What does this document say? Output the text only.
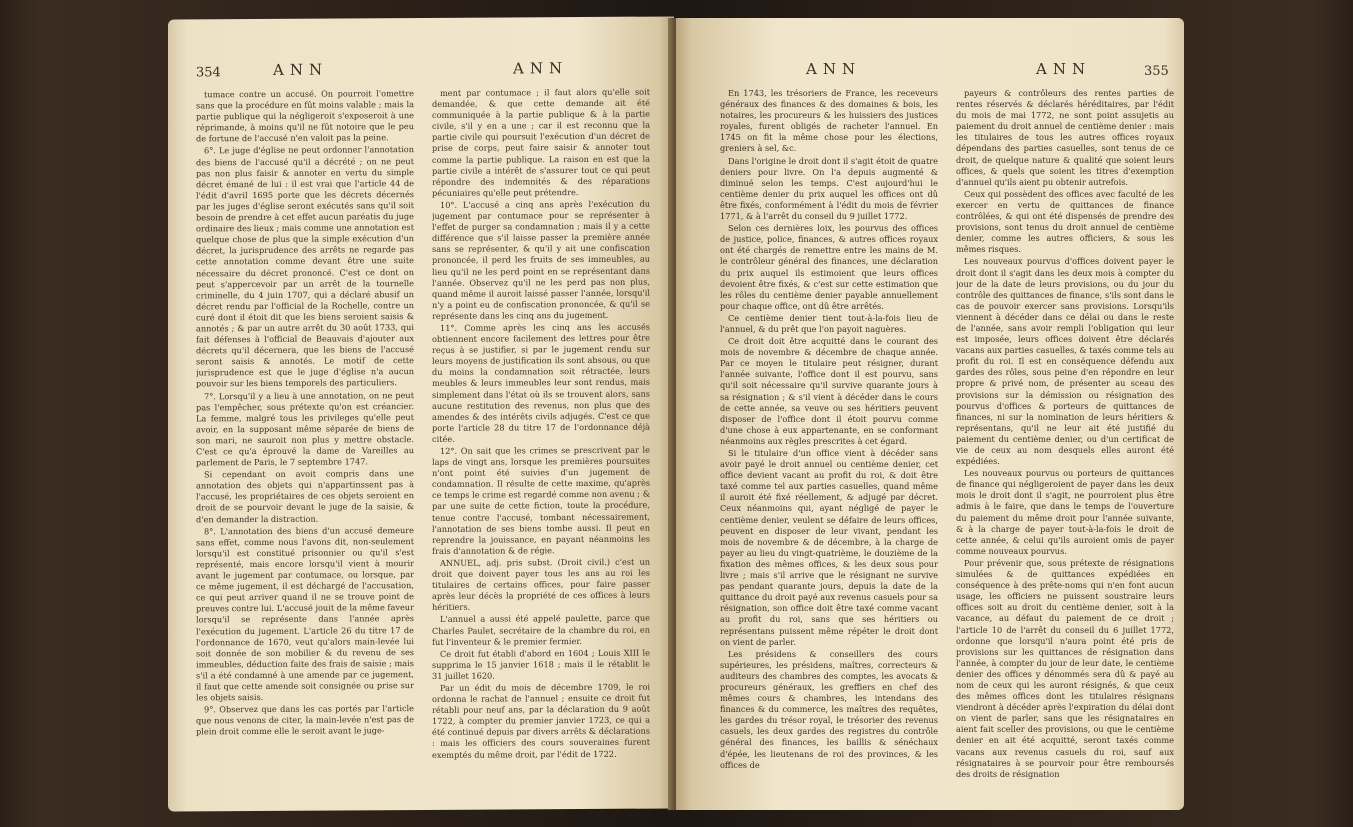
354	ANN	ANN

tumace contre un accusé. On pourroit l'omettre sans que la procédure en fût moins valable ; mais la partie publique qui la négligeroit s'exposeroit à une réprimande, à moins qu'il ne fût notoire que le peu de fortune de l'accusé n'en valoit pas la peine.

6°. Le juge d'église ne peut ordonner l'annotation des biens de l'accusé qu'il a décrété ; on ne peut pas non plus faisir & annoter en vertu du simple décret émané de lui : il est vrai que l'article 44 de l'édit d'avril 1695 porte que les décrets décernés par les juges d'église seront exécutés sans qu'il soit besoin de prendre à cet effet aucun paréatis du juge ordinaire des lieux ; mais comme une annotation est quelque chose de plus que la simple exécution d'un décret, la jurisprudence des arrêts ne regarde pas cette annotation comme devant être une suite nécessaire du décret prononcé. C'est ce dont on peut s'appercevoir par un arrêt de la tournelle criminelle, du 4 juin 1707, qui a déclaré abusif un décret rendu par l'official de la Rochelle, contre un curé dont il étoit dit que les biens seroient saisis & annotés ; & par un autre arrêt du 30 août 1733, qui fait défenses à l'official de Beauvais d'ajouter aux décrets qu'il décernera, que les biens de l'accusé seront saisis & annotés. Le motif de cette jurisprudence est que le juge d'église n'a aucun pouvoir sur les biens temporels des particuliers.

7°. Lorsqu'il y a lieu à une annotation, on ne peut pas l'empêcher, sous prétexte qu'on est créancier. La femme, malgré tous les privileges qu'elle peut avoir, en la supposant même séparée de biens de son mari, ne sauroit non plus y mettre obstacle. C'est ce qu'a éprouvé la dame de Vareilles au parlement de Paris, le 7 septembre 1747.

Si cependant on avoit compris dans une annotation des objets qui n'appartinssent pas à l'accusé, les propriétaires de ces objets seroient en droit de se pourvoir devant le juge de la saisie, & d'en demander la distraction.

8°. L'annotation des biens d'un accusé demeure sans effet, comme nous l'avons dit, non-seulement lorsqu'il est constitué prisonnier ou qu'il s'est représenté, mais encore lorsqu'il vient à mourir avant le jugement par contumace, ou lorsque, par ce même jugement, il est déchargé de l'accusation, ce qui peut arriver quand il ne se trouve point de preuves contre lui. L'accusé jouit de la même faveur lorsqu'il se représente dans l'année après l'exécution du jugement. L'article 26 du titre 17 de l'ordonnance de 1670, veut qu'alors main-levée lui soit donnée de son mobilier & du revenu de ses immeubles, déduction faite des frais de saisie ; mais s'il a été condamné à une amende par ce jugement, il faut que cette amende soit consignée ou prise sur les objets saisis.

9°. Observez que dans les cas portés par l'article que nous venons de citer, la main-levée n'est pas de plein droit comme elle le seroit avant le juge-

ment par contumace ; il faut alors qu'elle soit demandée, & que cette demande ait été communiquée à la partie publique & à la partie civile, s'il y en a une ; car il est reconnu que la partie civile qui poursuit l'exécution d'un décret de prise de corps, peut faire saisir & annoter tout comme la partie publique. La raison en est que la partie civile a intérêt de s'assurer tout ce qui peut répondre des indemnités & des réparations pécuniaires qu'elle peut prétendre.

10°. L'accusé a cinq ans après l'exécution du jugement par contumace pour se représenter à l'effet de purger sa condamnation ; mais il y a cette différence que s'il laisse passer la première année sans se représenter, & qu'il y ait une confiscation prononcée, il perd les fruits de ses immeubles, au lieu qu'il ne les perd point en se représentant dans l'année. Observez qu'il ne les perd pas non plus, quand même il auroit laissé passer l'année, lorsqu'il n'y a point eu de confiscation prononcée, & qu'il se représente dans les cinq ans du jugement.

11°. Comme après les cinq ans les accusés obtiennent encore facilement des lettres pour être reçus à se justifier, si par le jugement rendu sur leurs moyens de justification ils sont absous, ou que du moins la condamnation soit rétractée, leurs meubles & leurs immeubles leur sont rendus, mais simplement dans l'état où ils se trouvent alors, sans aucune restitution des revenus, non plus que des amendes & des intérêts civils adjugés. C'est ce que porte l'article 28 du titre 17 de l'ordonnance déjà citée.

12°. On sait que les crimes se prescrivent par le laps de vingt ans, lorsque les premières poursuites n'ont point été suivies d'un jugement de condamnation. Il résulte de cette maxime, qu'après ce temps le crime est regardé comme non avenu ; & par une suite de cette fiction, toute la procédure, tenue contre l'accusé, tombant nécessairement, l'annotation de ses biens tombe aussi. Il peut en reprendre la jouissance, en payant néanmoins les frais d'annotation & de régie.

ANNUEL, adj. pris subst. (Droit civil.) c'est un droit que doivent payer tous les ans au roi les titulaires de certains offices, pour faire passer après leur décès la propriété de ces offices à leurs héritiers.

L'annuel a aussi été appelé paulette, parce que Charles Paulet, secrétaire de la chambre du roi, en fut l'inventeur & le premier fermier.

Ce droit fut établi d'abord en 1604 ; Louis XIII le supprima le 15 janvier 1618 ; mais il le rétablit le 31 juillet 1620.

Par un édit du mois de décembre 1709, le roi ordonna le rachat de l'annuel ; ensuite ce droit fut rétabli pour neuf ans, par la déclaration du 9 août 1722, à compter du premier janvier 1723, ce qui a été continué depuis par divers arrêts & déclarations : mais les officiers des cours souveraines furent exemptés du même droit, par l'édit de 1722.

ANN	ANN	355

En 1743, les trésoriers de France, les receveurs généraux des finances & des domaines & bois, les notaires, les procureurs & les huissiers des justices royales, furent obligés de racheter l'annuel. En 1745 on fit la même chose pour les élections, greniers à sel, &c.

Dans l'origine le droit dont il s'agit étoit de quatre deniers pour livre. On l'a depuis augmenté & diminué selon les temps. C'est aujourd'hui le centième denier du prix auquel les offices ont dû être fixés, conformément à l'édit du mois de février 1771, & à l'arrêt du conseil du 9 juillet 1772.

Selon ces dernières loix, les pourvus des offices de justice, police, finances, & autres offices royaux ont été chargés de remettre entre les mains de M. le contrôleur général des finances, une déclaration du prix auquel ils estimoient que leurs offices devoient être fixés, & c'est sur cette estimation que les rôles du centième denier payable annuellement pour chaque office, ont dû être arrêtés.

Ce centième denier tient tout-à-la-fois lieu de l'annuel, & du prêt que l'on payoit naguères.

Ce droit doit être acquitté dans le courant des mois de novembre & décembre de chaque année. Par ce moyen le titulaire peut résigner, durant l'année suivante, l'office dont il est pourvu, sans qu'il soit nécessaire qu'il survive quarante jours à sa résignation ; & s'il vient à décéder dans le cours de cette année, sa veuve ou ses héritiers peuvent disposer de l'office dont il étoit pourvu comme d'une chose à eux appartenante, en se conformant néanmoins aux règles prescrites à cet égard.

Si le titulaire d'un office vient à décéder sans avoir payé le droit annuel ou centième denier, cet office devient vacant au profit du roi, & doit être taxé comme tel aux parties casuelles, quand même il auroit été fixé réellement, & adjugé par décret. Ceux néanmoins qui, ayant négligé de payer le centième denier, veulent se défaire de leurs offices, peuvent en disposer de leur vivant, pendant les mois de novembre & de décembre, à la charge de payer au lieu du vingt-quatrième, le douzième de la fixation des mêmes offices, & les deux sous pour livre ; mais s'il arrive que le résignant ne survive pas pendant quarante jours, depuis la date de la quittance du droit payé aux revenus casuels pour sa résignation, son office doit être taxé comme vacant au profit du roi, sans que ses héritiers ou représentans puissent même répéter le droit dont on vient de parler.

Les présidens & conseillers des cours supérieures, les présidens, maîtres, correcteurs & auditeurs des chambres des comptes, les avocats & procureurs généraux, les greffiers en chef des mêmes cours & chambres, les intendans des finances & du commerce, les maîtres des requêtes, les gardes du trésor royal, le trésorier des revenus casuels, les deux gardes des registres du contrôle général des finances, les baillis & sénéchaux d'épée, les lieutenans de roi des provinces, & les offices de

payeurs & contrôleurs des rentes parties de rentes réservés & déclarés héréditaires, par l'édit du mois de mai 1772, ne sont point assujetis au paiement du droit annuel de centième denier : mais les titulaires de tous les autres offices royaux dépendans des parties casuelles, sont tenus de ce droit, de quelque nature & qualité que soient leurs offices, & quels que soient les titres d'exemption d'annuel qu'ils aient pu obtenir autrefois.

Ceux qui possèdent des offices avec faculté de les exercer en vertu de quittances de finance contrôlées, & qui ont été dispensés de prendre des provisions, sont tenus du droit annuel de centième denier, comme les autres officiers, & sous les mêmes risques.

Les nouveaux pourvus d'offices doivent payer le droit dont il s'agit dans les deux mois à compter du jour de la date de leurs provisions, ou du jour du contrôle des quittances de finance, s'ils sont dans le cas de pouvoir exercer sans provisions. Lorsqu'ils viennent à décéder dans ce délai ou dans le reste de l'année, sans avoir rempli l'obligation qui leur est imposée, leurs offices doivent être déclarés vacans aux parties casuelles, & taxés comme tels au profit du roi. Il est en conséquence défendu aux gardes des rôles, sous peine d'en répondre en leur propre & privé nom, de présenter au sceau des provisions sur la démission ou résignation des pourvus d'offices & porteurs de quittances de finances, ni sur la nomination de leurs héritiers & représentans, qu'il ne leur ait été justifié du paiement du centième denier, ou d'un certificat de vie de ceux au nom desquels elles auront été expédiées.

Les nouveaux pourvus ou porteurs de quittances de finance qui négligeroient de payer dans les deux mois le droit dont il s'agit, ne pourroient plus être admis à le faire, que dans le temps de l'ouverture du paiement du même droit pour l'année suivante, & à la charge de payer tout-à-la-fois le droit de cette année, & celui qu'ils auroient omis de payer comme nouveaux pourvus.

Pour prévenir que, sous prétexte de résignations simulées & de quittances expédiées en conséquence à des prête-noms qui n'en font aucun usage, les officiers ne puissent soustraire leurs offices soit au droit du centième denier, soit à la vacance, au défaut du paiement de ce droit ; l'article 10 de l'arrêt du conseil du 6 juillet 1772, ordonne que lorsqu'il n'aura point été pris de provisions sur les quittances de résignation dans l'année, à compter du jour de leur date, le centième denier des offices y dénommés sera dû & payé au nom de ceux qui les auront résignés, & que ceux des mêmes offices dont les titulaires résignans viendront à décéder après l'expiration du délai dont on vient de parler, sans que les résignataires en aient fait sceller des provisions, ou que le centième denier en ait été acquitté, seront taxés comme vacans aux revenus casuels du roi, sauf aux résignataires à se pourvoir pour être remboursés des droits de résignation
